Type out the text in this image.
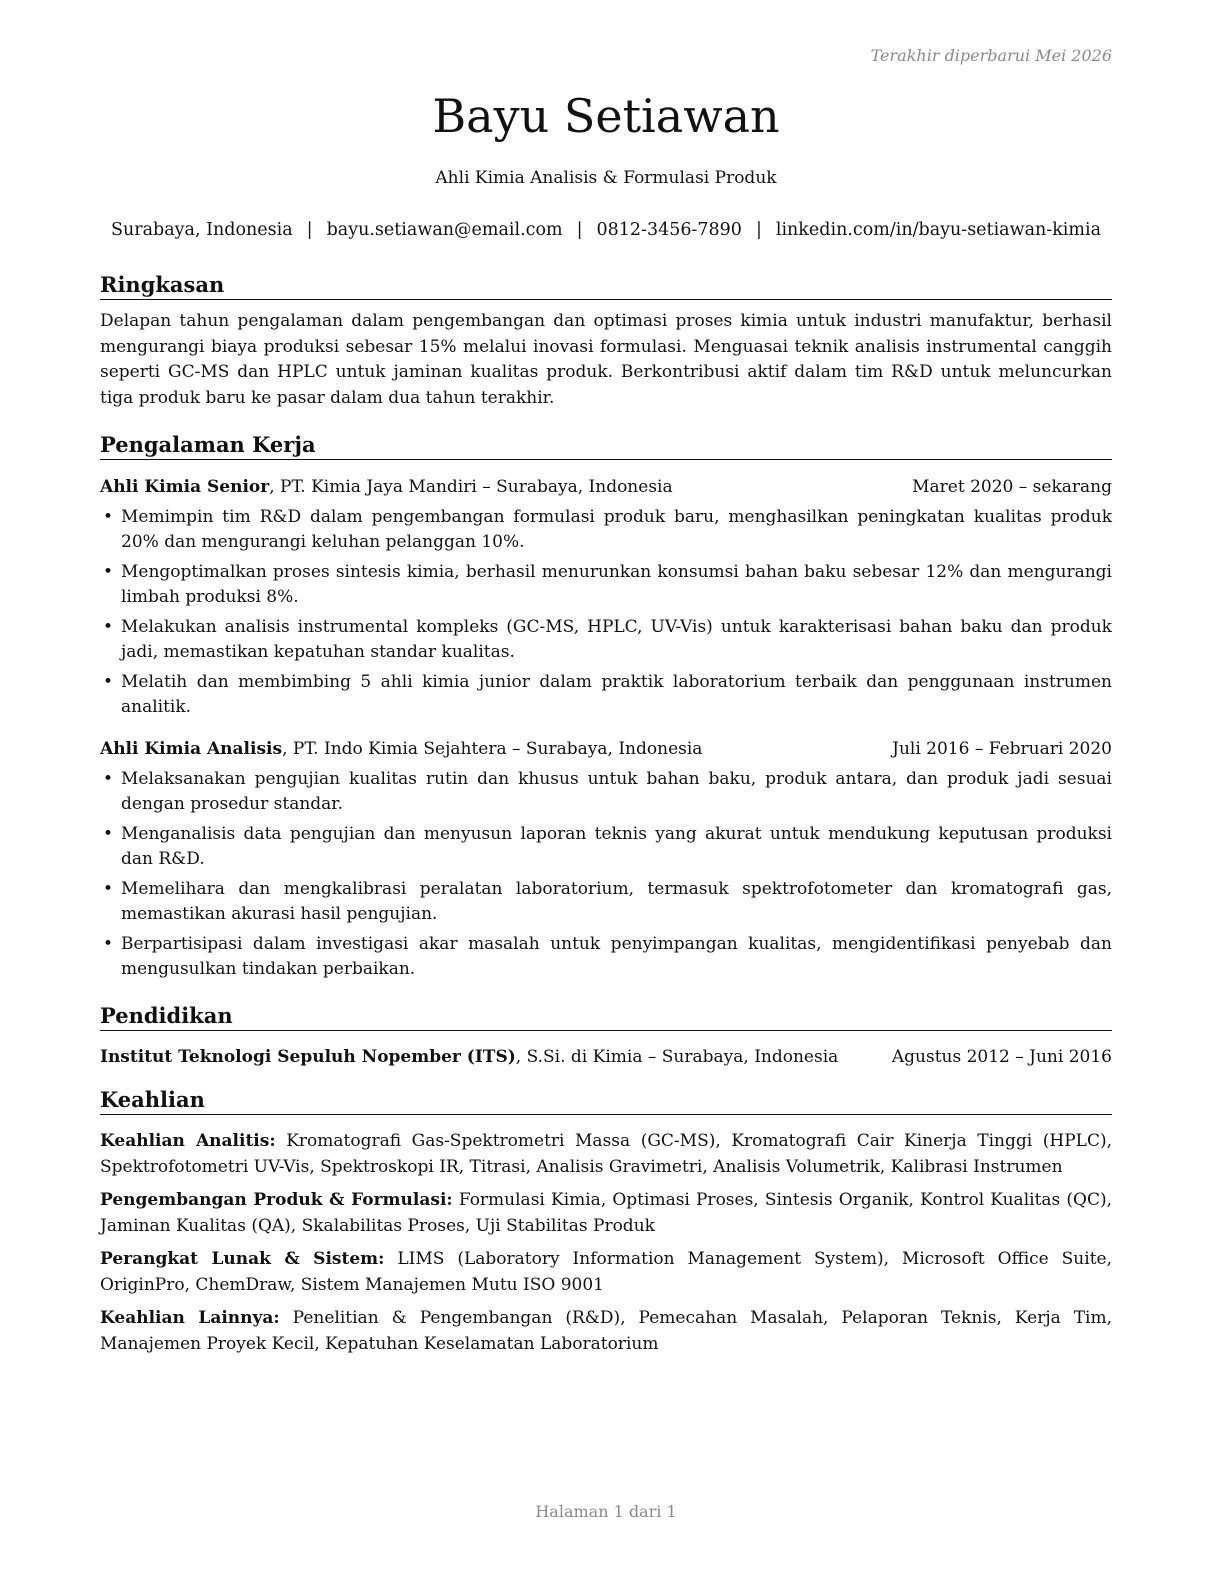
Terakhir diperbarui Mei 2026
Bayu Setiawan
Ahli Kimia Analisis & Formulasi Produk
Surabaya, Indonesia | bayu.setiawan@email.com | 0812-3456-7890 | linkedin.com/in/bayu-setiawan-kimia
Ringkasan

Delapan tahun pengalaman dalam pengembangan dan optimasi proses kimia untuk industri manufaktur, berhasil mengurangi biaya produksi sebesar 15% melalui inovasi formulasi. Menguasai teknik analisis instrumental canggih seperti GC-MS dan HPLC untuk jaminan kualitas produk. Berkontribusi aktif dalam tim R&D untuk meluncurkan tiga produk baru ke pasar dalam dua tahun terakhir.

Pengalaman Kerja
Ahli Kimia Senior, PT. Kimia Jaya Mandiri – Surabaya, Indonesia	Maret 2020 – sekarang
• Memimpin tim R&D dalam pengembangan formulasi produk baru, menghasilkan peningkatan kualitas produk 20% dan mengurangi keluhan pelanggan 10%.
• Mengoptimalkan proses sintesis kimia, berhasil menurunkan konsumsi bahan baku sebesar 12% dan mengurangi limbah produksi 8%.
• Melakukan analisis instrumental kompleks (GC-MS, HPLC, UV-Vis) untuk karakterisasi bahan baku dan produk jadi, memastikan kepatuhan standar kualitas.
• Melatih dan membimbing 5 ahli kimia junior dalam praktik laboratorium terbaik dan penggunaan instrumen analitik.
Ahli Kimia Analisis, PT. Indo Kimia Sejahtera – Surabaya, Indonesia	Juli 2016 – Februari 2020
• Melaksanakan pengujian kualitas rutin dan khusus untuk bahan baku, produk antara, dan produk jadi sesuai dengan prosedur standar.
• Menganalisis data pengujian dan menyusun laporan teknis yang akurat untuk mendukung keputusan produksi dan R&D.
• Memelihara dan mengkalibrasi peralatan laboratorium, termasuk spektrofotometer dan kromatografi gas, memastikan akurasi hasil pengujian.
• Berpartisipasi dalam investigasi akar masalah untuk penyimpangan kualitas, mengidentifikasi penyebab dan mengusulkan tindakan perbaikan.
Pendidikan
Institut Teknologi Sepuluh Nopember (ITS), S.Si. di Kimia – Surabaya, Indonesia	Agustus 2012 – Juni 2016
Keahlian

Keahlian Analitis: Kromatografi Gas-Spektrometri Massa (GC-MS), Kromatografi Cair Kinerja Tinggi (HPLC), Spektrofotometri UV-Vis, Spektroskopi IR, Titrasi, Analisis Gravimetri, Analisis Volumetrik, Kalibrasi Instrumen

Pengembangan Produk & Formulasi: Formulasi Kimia, Optimasi Proses, Sintesis Organik, Kontrol Kualitas (QC), Jaminan Kualitas (QA), Skalabilitas Proses, Uji Stabilitas Produk

Perangkat Lunak & Sistem: LIMS (Laboratory Information Management System), Microsoft Office Suite, OriginPro, ChemDraw, Sistem Manajemen Mutu ISO 9001

Keahlian Lainnya: Penelitian & Pengembangan (R&D), Pemecahan Masalah, Pelaporan Teknis, Kerja Tim, Manajemen Proyek Kecil, Kepatuhan Keselamatan Laboratorium

Halaman 1 dari 1
